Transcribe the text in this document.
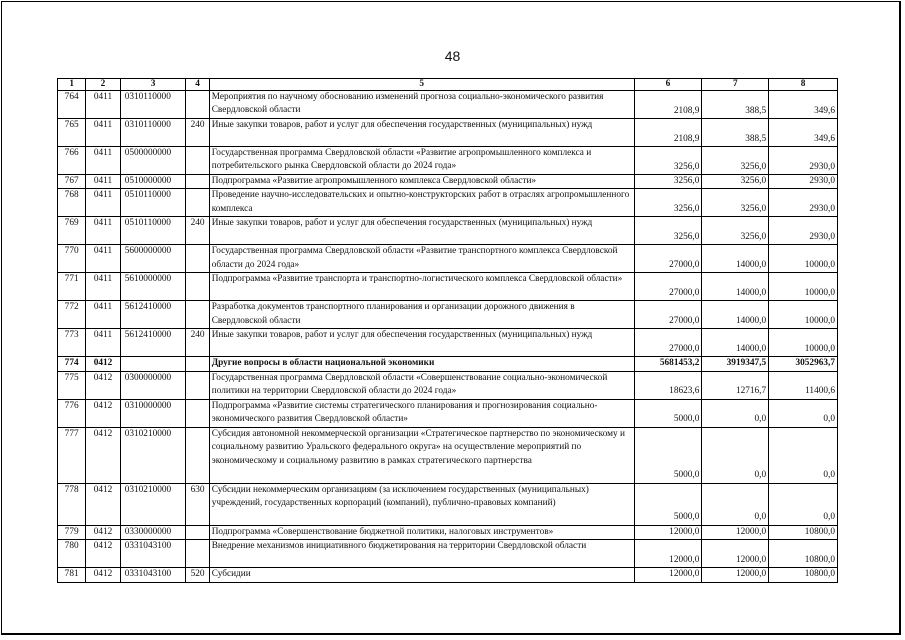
48
1	2	3	4	5	6	7	8
764	0411	0310110000		Мероприятия по научному обоснованию изменений прогноза социально-экономического развития Свердловской области	2108,9	388,5	349,6
765	0411	0310110000	240	Иные закупки товаров, работ и услуг для обеспечения государственных (муниципальных) нужд	2108,9	388,5	349,6
766	0411	0500000000		Государственная программа Свердловской области «Развитие агропромышленного комплекса и потребительского рынка Свердловской области до 2024 года»	3256,0	3256,0	2930,0
767	0411	0510000000		Подпрограмма «Развитие агропромышленного комплекса Свердловской области»	3256,0	3256,0	2930,0
768	0411	0510110000		Проведение научно-исследовательских и опытно-конструкторских работ в отраслях агропромышленного комплекса	3256,0	3256,0	2930,0
769	0411	0510110000	240	Иные закупки товаров, работ и услуг для обеспечения государственных (муниципальных) нужд	3256,0	3256,0	2930,0
770	0411	5600000000		Государственная программа Свердловской области «Развитие транспортного комплекса Свердловской области до 2024 года»	27000,0	14000,0	10000,0
771	0411	5610000000		Подпрограмма «Развитие транспорта и транспортно-логистического комплекса Свердловской области»	27000,0	14000,0	10000,0
772	0411	5612410000		Разработка документов транспортного планирования и организации дорожного движения в Свердловской области	27000,0	14000,0	10000,0
773	0411	5612410000	240	Иные закупки товаров, работ и услуг для обеспечения государственных (муниципальных) нужд	27000,0	14000,0	10000,0
774	0412			Другие вопросы в области национальной экономики	5681453,2	3919347,5	3052963,7
775	0412	0300000000		Государственная программа Свердловской области «Совершенствование социально-экономической политики на территории Свердловской области до 2024 года»	18623,6	12716,7	11400,6
776	0412	0310000000		Подпрограмма «Развитие системы стратегического планирования и прогнозирования социально-экономического развития Свердловской области»	5000,0	0,0	0,0
777	0412	0310210000		Субсидия автономной некоммерческой организации «Стратегическое партнерство по экономическому и социальному развитию Уральского федерального округа» на осуществление мероприятий по экономическому и социальному развитию в рамках стратегического партнерства	5000,0	0,0	0,0
778	0412	0310210000	630	Субсидии некоммерческим организациям (за исключением государственных (муниципальных) учреждений, государственных корпораций (компаний), публично-правовых компаний)	5000,0	0,0	0,0
779	0412	0330000000		Подпрограмма «Совершенствование бюджетной политики, налоговых инструментов»	12000,0	12000,0	10800,0
780	0412	0331043100		Внедрение механизмов инициативного бюджетирования на территории Свердловской области	12000,0	12000,0	10800,0
781	0412	0331043100	520	Субсидии	12000,0	12000,0	10800,0
